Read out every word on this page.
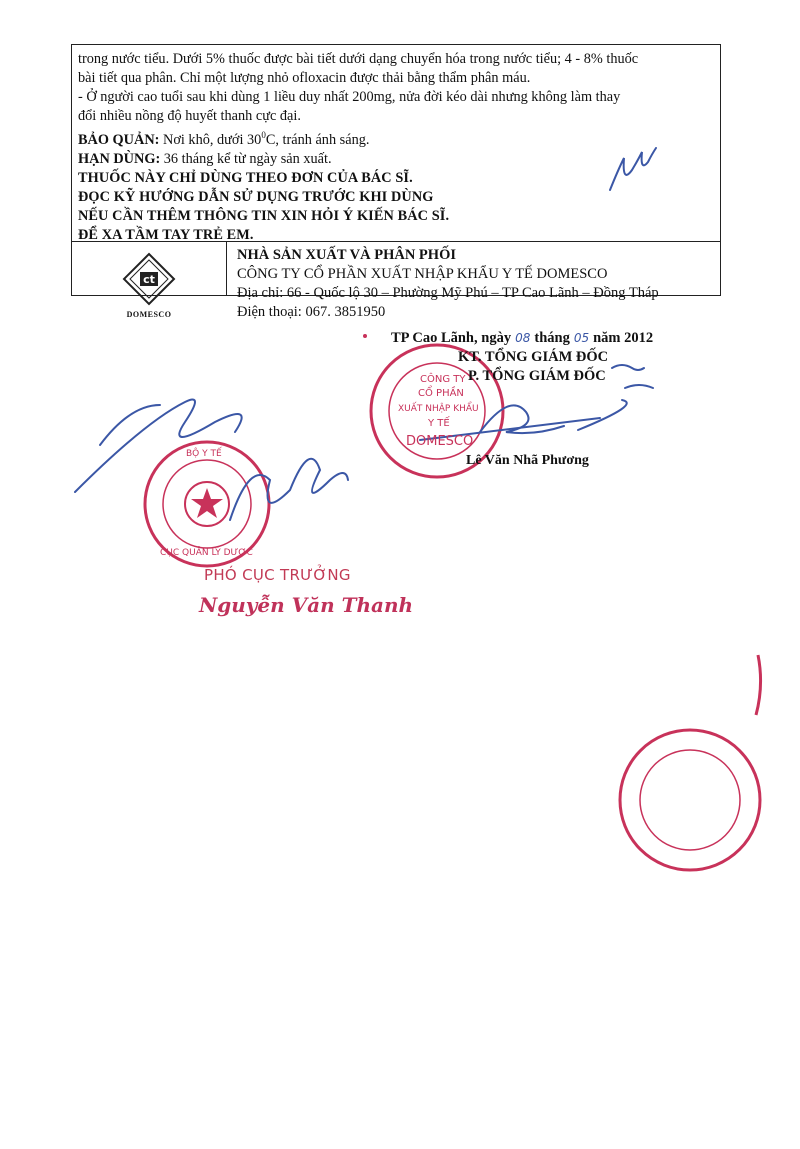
trong nước tiểu. Dưới 5% thuốc được bài tiết dưới dạng chuyển hóa trong nước tiểu; 4 - 8% thuốc

bài tiết qua phân. Chỉ một lượng nhỏ ofloxacin được thải bằng thẩm phân máu.

- Ở người cao tuổi sau khi dùng 1 liều duy nhất 200mg, nửa đời kéo dài nhưng không làm thay

đổi nhiều nồng độ huyết thanh cực đại.

BẢO QUẢN: Nơi khô, dưới $30^0C$, tránh ánh sáng.

HẠN DÙNG: 36 tháng kể từ ngày sản xuất.

THUỐC NÀY CHỈ DÙNG THEO ĐƠN CỦA BÁC SĨ.

ĐỌC KỸ HƯỚNG DẪN SỬ DỤNG TRƯỚC KHI DÙNG

NẾU CẦN THÊM THÔNG TIN XIN HỎI Ý KIẾN BÁC SĨ.

ĐỂ XA TẦM TAY TRẺ EM.

ct
DOMESCO

NHÀ SẢN XUẤT VÀ PHÂN PHỐI

CÔNG TY CỔ PHẦN XUẤT NHẬP KHẨU Y TẾ DOMESCO

Địa chỉ: 66 - Quốc lộ 30 – Phường Mỹ Phú – TP Cao Lãnh – Đồng Tháp

Điện thoại: 067. 3851950

CÔNG TY
CỔ PHẦN
XUẤT NHẬP KHẨU
Y TẾ
DOMESCO
BỘ Y TẾ
CỤC QUẢN LÝ DƯỢC
TP Cao Lãnh, ngày 08 tháng 05 năm 2012
KT. TỔNG GIÁM ĐỐC
P. TỔNG GIÁM ĐỐC
Lê Văn Nhã Phương
PHÓ CỤC TRƯỞNG
Nguyễn Văn Thanh
